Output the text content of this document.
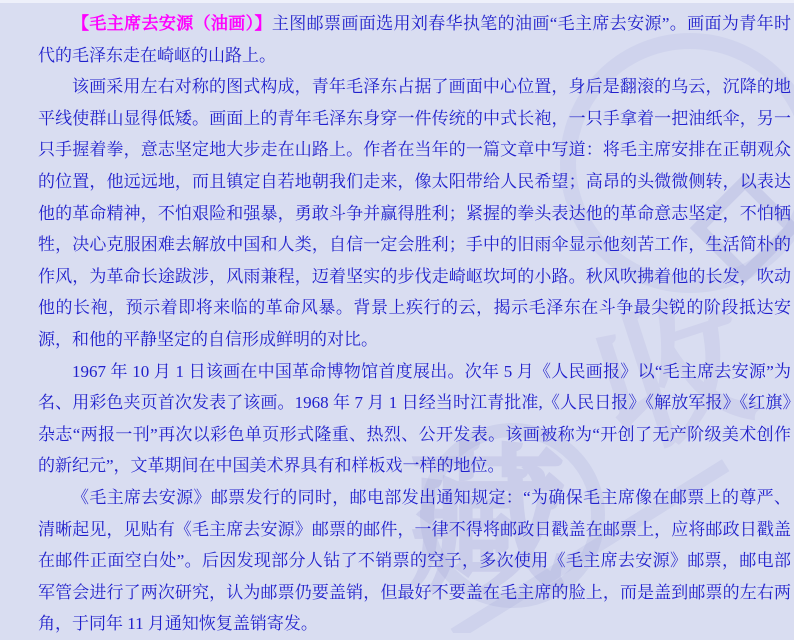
藏
收

【毛主席去安源（油画）】主图邮票画面选用刘春华执笔的油画“毛主席去安源”。画面为青年时代的毛泽东走在崎岖的山路上。

该画采用左右对称的图式构成，青年毛泽东占据了画面中心位置，身后是翻滚的乌云，沉降的地平线使群山显得低矮。画面上的青年毛泽东身穿一件传统的中式长袍，一只手拿着一把油纸伞，另一只手握着拳，意志坚定地大步走在山路上。作者在当年的一篇文章中写道：将毛主席安排在正朝观众的位置，他远远地，而且镇定自若地朝我们走来，像太阳带给人民希望；高昂的头微微侧转，以表达他的革命精神，不怕艰险和强暴，勇敢斗争并赢得胜利；紧握的拳头表达他的革命意志坚定，不怕牺牲，决心克服困难去解放中国和人类，自信一定会胜利；手中的旧雨伞显示他刻苦工作，生活简朴的作风，为革命长途跋涉，风雨兼程，迈着坚实的步伐走崎岖坎坷的小路。秋风吹拂着他的长发，吹动他的长袍，预示着即将来临的革命风暴。背景上疾行的云，揭示毛泽东在斗争最尖锐的阶段抵达安源，和他的平静坚定的自信形成鲜明的对比。

1967 年 10 月 1 日该画在中国革命博物馆首度展出。次年 5 月《人民画报》以“毛主席去安源”为名、用彩色夹页首次发表了该画。1968 年 7 月 1 日经当时江青批准,《人民日报》《解放军报》《红旗》杂志“两报一刊”再次以彩色单页形式隆重、热烈、公开发表。该画被称为“开创了无产阶级美术创作的新纪元”，文革期间在中国美术界具有和样板戏一样的地位。

《毛主席去安源》邮票发行的同时，邮电部发出通知规定：“为确保毛主席像在邮票上的尊严、清晰起见，见贴有《毛主席去安源》邮票的邮件，一律不得将邮政日戳盖在邮票上，应将邮政日戳盖在邮件正面空白处”。后因发现部分人钻了不销票的空子，多次使用《毛主席去安源》邮票，邮电部军管会进行了两次研究，认为邮票仍要盖销，但最好不要盖在毛主席的脸上，而是盖到邮票的左右两角，于同年 11 月通知恢复盖销寄发。
